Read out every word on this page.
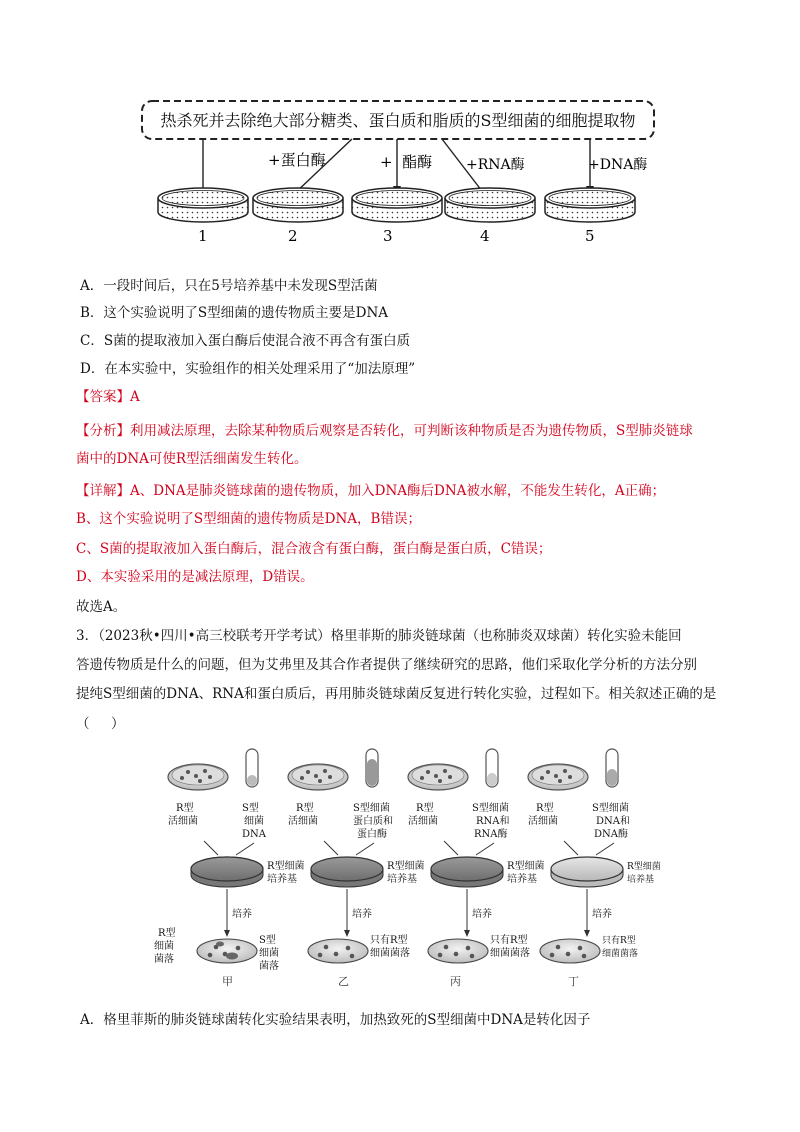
热杀死并去除绝大部分糖类、蛋白质和脂质的S型细菌的细胞提取物
+蛋白酶	+  酯酶 +RNA酶	+DNA酶
1	2	3	4	5
A．一段时间后，只在5号培养基中未发现S型活菌
B．这个实验说明了S型细菌的遗传物质主要是DNA
C．S菌的提取液加入蛋白酶后使混合液不再含有蛋白质
D．在本实验中，实验组作的相关处理采用了“加法原理”
【答案】A
【分析】利用减法原理，去除某种物质后观察是否转化，可判断该种物质是否为遗传物质，S型肺炎链球
菌中的DNA可使R型活细菌发生转化。
【详解】A、DNA是肺炎链球菌的遗传物质，加入DNA酶后DNA被水解，不能发生转化，A正确；
B、这个实验说明了S型细菌的遗传物质是DNA，B错误；
C、S菌的提取液加入蛋白酶后，混合液含有蛋白酶，蛋白酶是蛋白质，C错误；
D、本实验采用的是减法原理，D错误。
故选A。
3．（2023秋•四川•高三校联考开学考试）格里菲斯的肺炎链球菌（也称肺炎双球菌）转化实验未能回
答遗传物质是什么的问题，但为艾弗里及其合作者提供了继续研究的思路，他们采取化学分析的方法分别
提纯S型细菌的DNA、RNA和蛋白质后，再用肺炎链球菌反复进行转化实验，过程如下。相关叙述正确的是
（     ）
R型
活细菌
S型
细菌
DNA
R型
活细菌
S型细菌
蛋白质和
蛋白酶
R型
活细菌
S型细菌
RNA和
RNA酶
R型
活细菌
S型细菌
DNA和
DNA酶
R型细菌
培养基
R型细菌
培养基
R型细菌
培养基
R型细菌
培养基
培养	培养	培养	培养
R型
细菌
菌落
S型
细菌
菌落
只有R型
细菌菌落
只有R型
细菌菌落
只有R型
细菌菌落
甲	乙	丙	丁
A．格里菲斯的肺炎链球菌转化实验结果表明，加热致死的S型细菌中DNA是转化因子
